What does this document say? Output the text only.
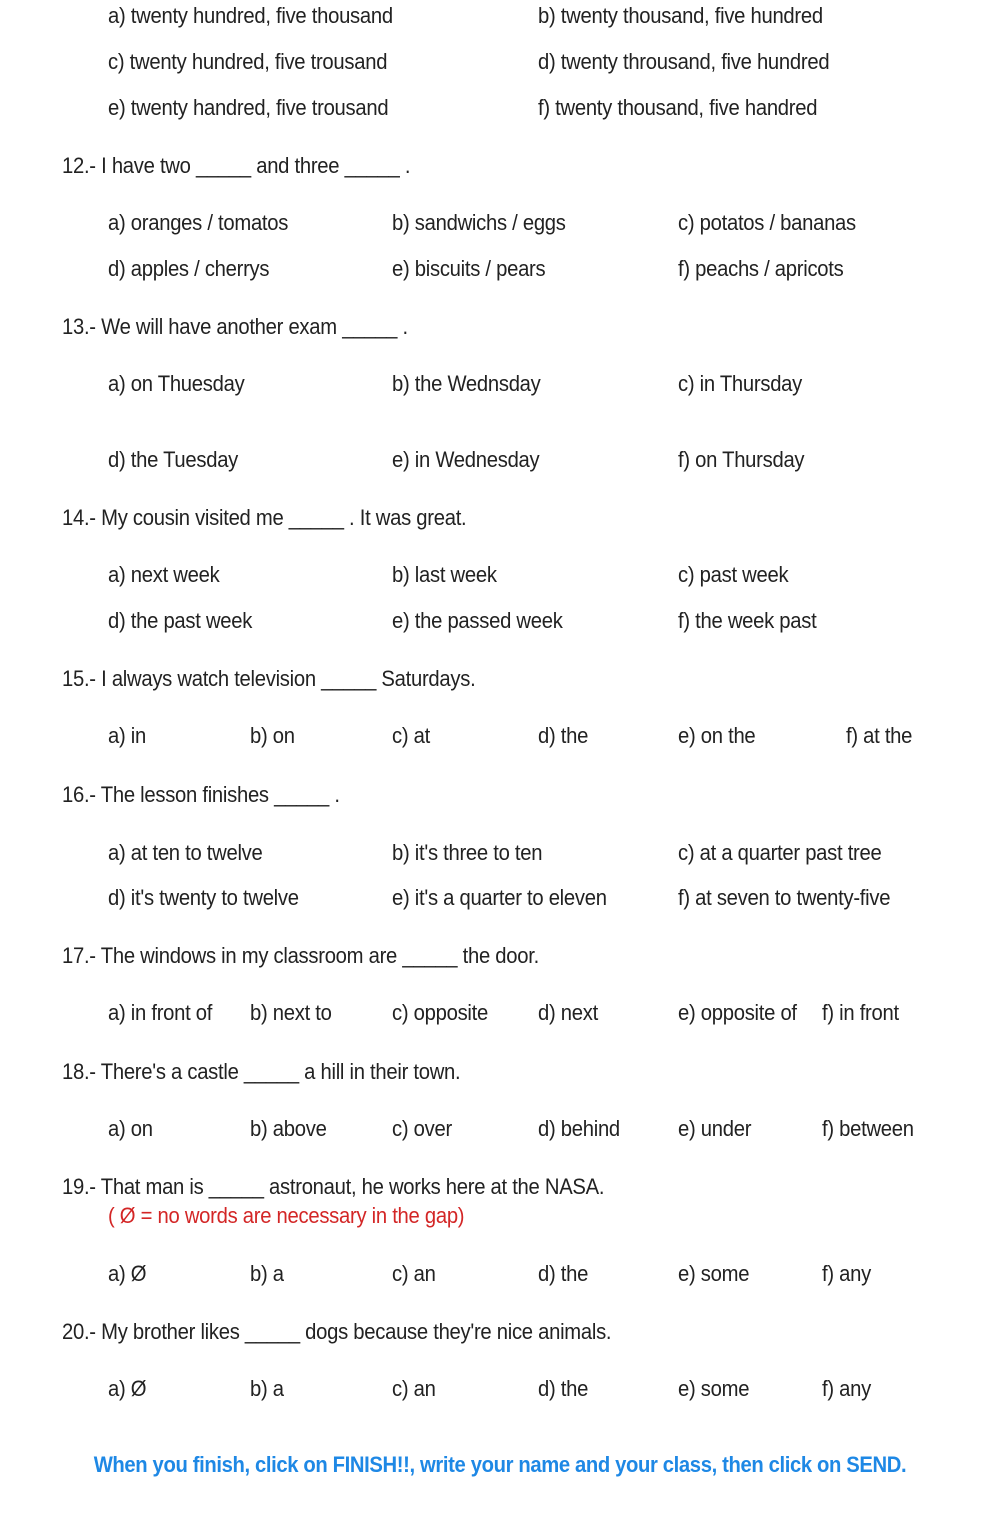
a) twenty hundred, five thousand	b) twenty thousand, five hundred
c) twenty hundred, five trousand	d) twenty throusand, five hundred
e) twenty handred, five trousand	f) twenty thousand, five handred
12.- I have two _____ and three _____ .
a) oranges / tomatos	b) sandwichs / eggs	c) potatos / bananas
d) apples / cherrys	e) biscuits / pears	f) peachs / apricots
13.- We will have another exam _____ .
a) on Thuesday	b) the Wednsday	c) in Thursday
d) the Tuesday	e) in Wednesday	f) on Thursday
14.- My cousin visited me _____ . It was great.
a) next week	b) last week	c) past week
d) the past week	e) the passed week	f) the week past
15.- I always watch television _____ Saturdays.
a) in	b) on	c) at	d) the	e) on the	f) at the
16.- The lesson finishes _____ .
a) at ten to twelve	b) it's three to ten	c) at a quarter past tree
d) it's twenty to twelve	e) it's a quarter to eleven	f) at seven to twenty-five
17.- The windows in my classroom are _____ the door.
a) in front of b) next to	c) opposite d) next	e) opposite of f) in front
18.- There's a castle _____ a hill in their town.
a) on	b) above	c) over	d) behind	e) under	f) between
19.- That man is _____ astronaut, he works here at the NASA.
( Ø = no words are necessary in the gap)
a) Ø	b) a	c) an	d) the	e) some	f) any
20.- My brother likes _____ dogs because they're nice animals.
a) Ø	b) a	c) an	d) the	e) some	f) any
When you finish, click on FINISH!!, write your name and your class, then click on SEND.
